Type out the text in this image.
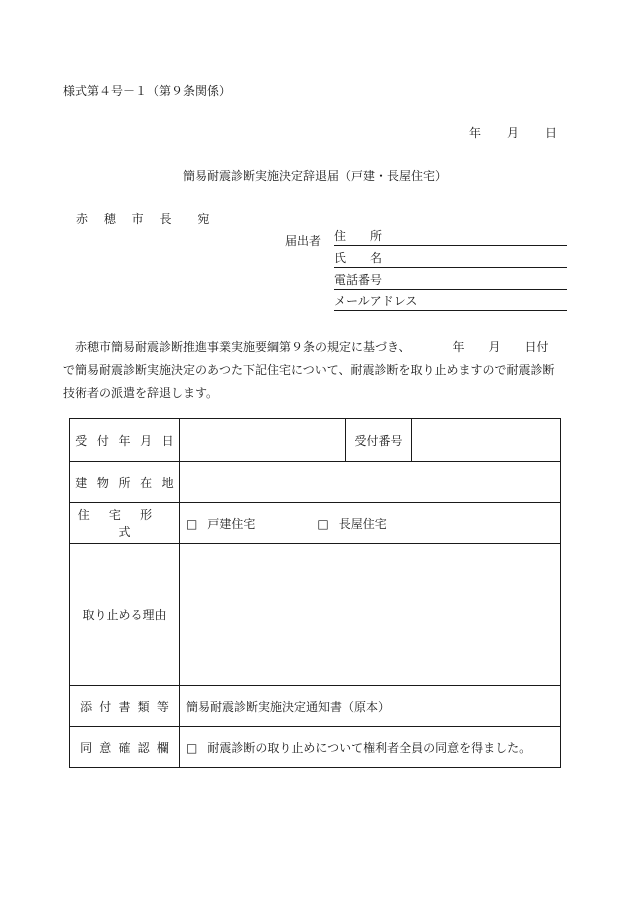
様式第４号－１（第９条関係）
年 月 日
簡易耐震診断実施決定辞退届（戸建・長屋住宅）
赤 穂 市 長 宛
届出者 住　　所
氏　　名
電話番号
メールアドレス

赤穂市簡易耐震診断推進事業実施要綱第９条の規定に基づき、　　　　年　　月　　日付

で簡易耐震診断実施決定のあつた下記住宅について、耐震診断を取り止めますので耐震診断

技術者の派遣を辞退します。

受付年月日		受付番号	
建物所在地			
住宅形式	□ 戸建住宅 □ 長屋住宅		
取り止める理由			
添付書類等	簡易耐震診断実施決定通知書（原本）		
同意確認欄	□ 耐震診断の取り止めについて権利者全員の同意を得ました。		
